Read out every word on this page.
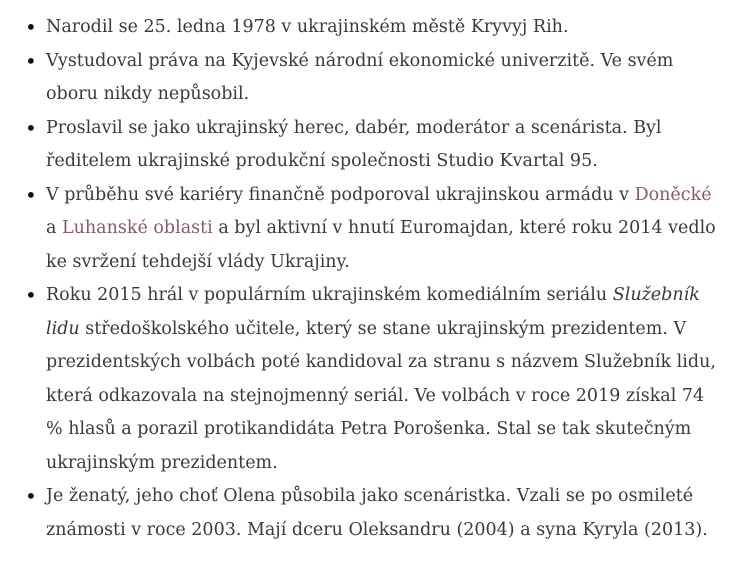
• Narodil se 25. ledna 1978 v ukrajinském městě Kryvyj Rih.
• Vystudoval práva na Kyjevské národní ekonomické univerzitě. Ve svém oboru nikdy nepůsobil.
• Proslavil se jako ukrajinský herec, dabér, moderátor a scenárista. Byl ředitelem ukrajinské produkční společnosti Studio Kvartal 95.
• V průběhu své kariéry finančně podporoval ukrajinskou armádu v Doněcké a Luhanské oblasti a byl aktivní v hnutí Euromajdan, které roku 2014 vedlo ke svržení tehdejší vlády Ukrajiny.
• Roku 2015 hrál v populárním ukrajinském komediálním seriálu Služebník lidu středoškolského učitele, který se stane ukrajinským prezidentem. V prezidentských volbách poté kandidoval za stranu s názvem Služebník lidu, která odkazovala na stejnojmenný seriál. Ve volbách v roce 2019 získal 74 % hlasů a porazil protikandidáta Petra Porošenka. Stal se tak skutečným ukrajinským prezidentem.
• Je ženatý, jeho choť Olena působila jako scenáristka. Vzali se po osmileté známosti v roce 2003. Mají dceru Oleksandru (2004) a syna Kyryla (2013).
